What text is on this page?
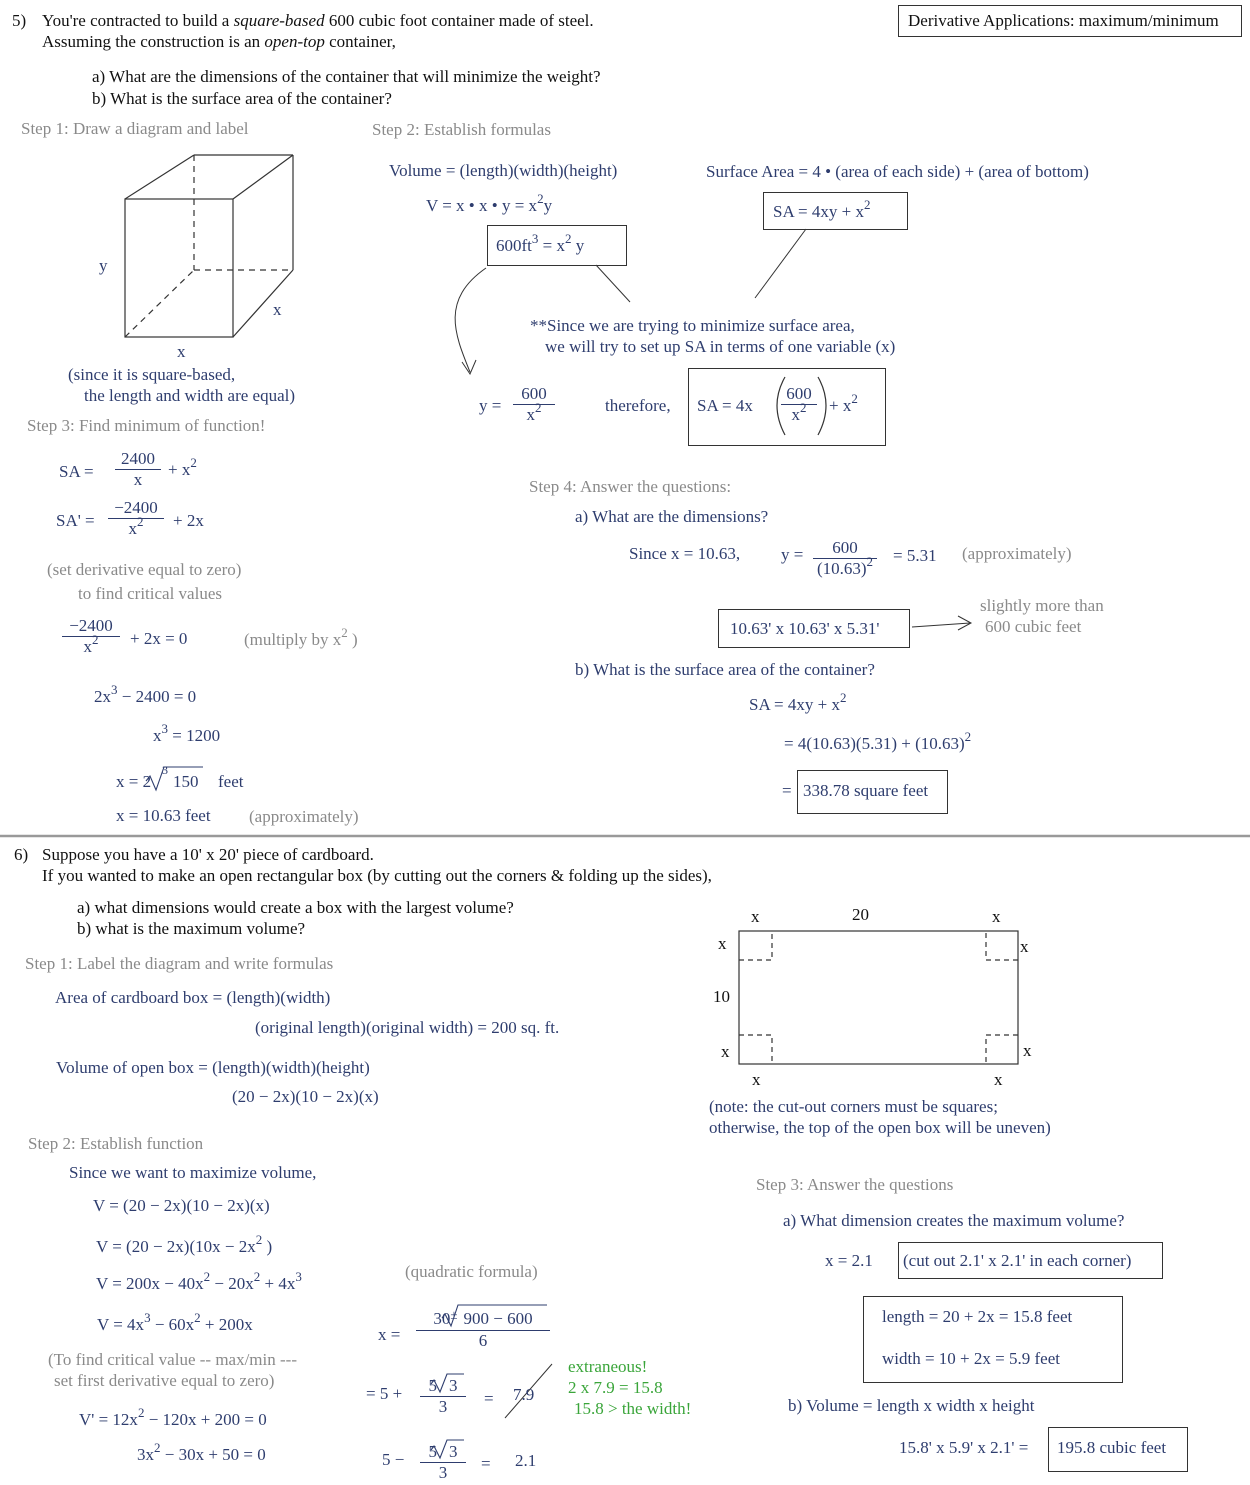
Derivative Applications: maximum/minimum
5) You're contracted to build a square-based 600 cubic foot container made of steel.
Assuming the construction is an open-top container,
a) What are the dimensions of the container that will minimize the weight?
b) What is the surface area of the container?
Step 1: Draw a diagram and label
y
x
x
(since it is square-based,
the length and width are equal)
Step 2: Establish formulas
Volume = (length)(width)(height)
V = x • x • $y = x^2y$
$600ft^3 = x^2$ y
Surface Area = 4 • (area of each side) + (area of bottom)
SA = $4xy + x^2$
**Since we are trying to minimize surface area,
we will try to set up SA in terms of one variable (x)
$y = \frac{600}{x^2}$	therefore, SA = $4x \frac{600}{x^2} + x^2$
Step 3: Find minimum of function!
SA = $\frac{2400}{x} + x^2$
$SA' = \frac{-2400}{x^2} + 2x$
(set derivative equal to zero)
to find critical values
$\frac{-2400}{x^2} + 2x = 0$	(multiply by $x^2$ )
$2x^3 - 2400 = 0$
$x^3 = 1200$
x = 2
3
150 feet
x = 10.63 feet (approximately)
Step 4: Answer the questions:
a) What are the dimensions?
Since x = 10.63, $y = \frac{600}{(10.63)^2} = 5.31$ (approximately)
10.63' x 10.63' x 5.31'
slightly more than
600 cubic feet
b) What is the surface area of the container?
SA = $4xy + x^2$
= $4(10.63)(5.31) + (10.63)^2$
= 338.78 square feet
6) Suppose you have a 10' x 20' piece of cardboard.
If you wanted to make an open rectangular box (by cutting out the corners & folding up the sides),
a) what dimensions would create a box with the largest volume?
b) what is the maximum volume?
Step 1: Label the diagram and write formulas
Area of cardboard box = (length)(width)
(original length)(original width) = 200 sq. ft.
Volume of open box = (length)(width)(height)
(20 − 2x)(10 − 2x)(x)
x	20	x
x
10
x
x
x
x	x
(note: the cut-out corners must be squares;
otherwise, the top of the open box will be uneven)
Step 2: Establish function
Since we want to maximize volume,
V = (20 − 2x)(10 − 2x)(x)
$V = (20 - 2x)(10x - 2x^2$ )
$V = 200x - 40x^2 - 20x^2 + 4x^3$
$V = 4x^3 - 60x^2 + 200x$
(To find critical value -- max/min ---
set first derivative equal to zero)
$V' = 12x^2 - 120x + 200 = 0$
$3x^2 - 30x + 50 = 0$
(quadratic formula)
$x = \frac{30^\pm 900 - 600}{6}$
= $5 + \frac{5 3}{3} = 7.9$
extraneous!
2 x 7.9 = 15.8
15.8 > the width!
$5 - \frac{5 3}{3} = 2.1$
Step 3: Answer the questions
a) What dimension creates the maximum volume?
x = 2.1 (cut out 2.1' x 2.1' in each corner)
length = 20 + 2x = 15.8 feet
width = 10 + 2x = 5.9 feet
b) Volume = length x width x height
15.8' x 5.9' x 2.1' = 195.8 cubic feet
